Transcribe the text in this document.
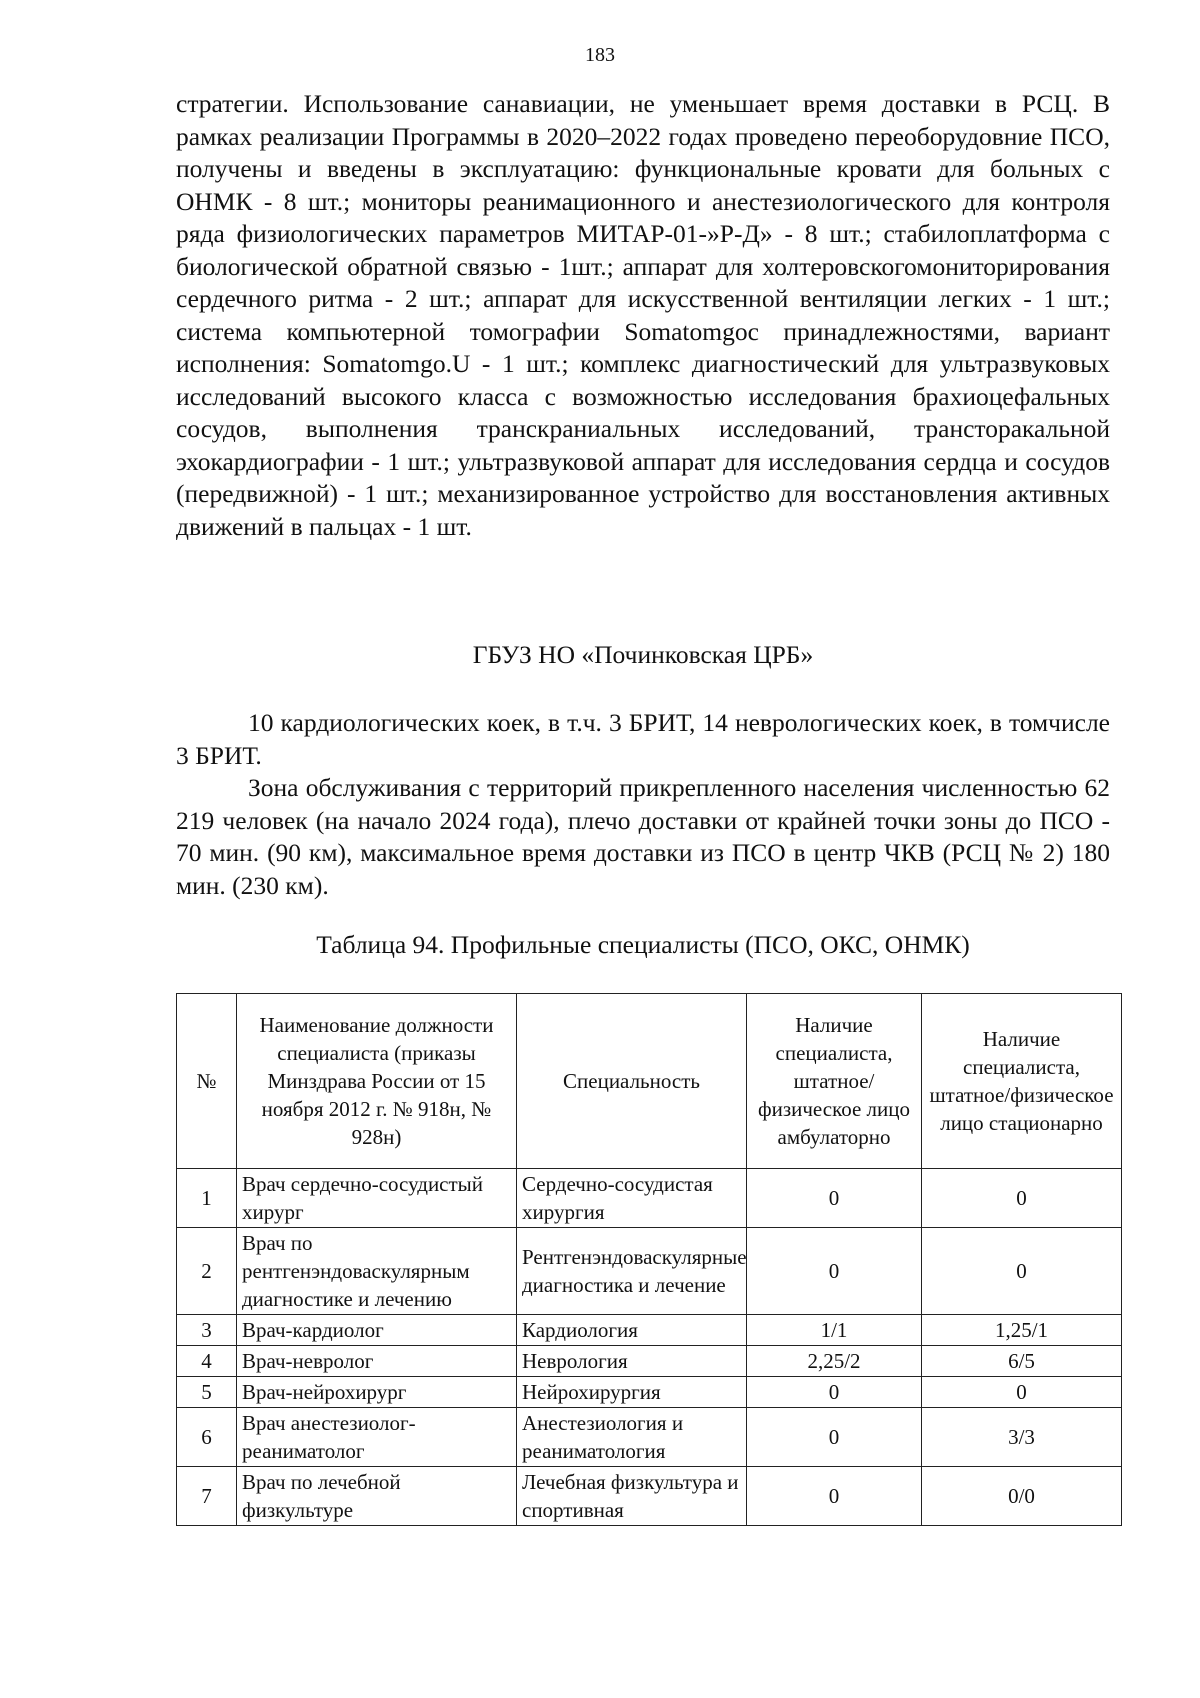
183
стратегии. Использование санавиации, не уменьшает время доставки в РСЦ. В рамках реализации Программы в 2020–2022 годах проведено переоборудовние ПСО, получены и введены в эксплуатацию: функциональные кровати для больных с ОНМК - 8 шт.; мониторы реанимационного и анестезиологического для контроля ряда физиологических параметров МИТАР-01-»Р-Д» - 8 шт.; стабилоплатформа с биологической обратной связью - 1шт.; аппарат для холтеровскогомониторирования сердечного ритма - 2 шт.; аппарат для искусственной вентиляции легких - 1 шт.; система компьютерной томографии Somatomgoc принадлежностями, вариант исполнения: Somatomgo.U - 1 шт.; комплекс диагностический для ультразвуковых исследований высокого класса с возможностью исследования брахиоцефальных сосудов, выполнения транскраниальных исследований, трансторакальной эхокардиографии - 1 шт.; ультразвуковой аппарат для исследования сердца и сосудов (передвижной) - 1 шт.; механизированное устройство для восстановления активных движений в пальцах - 1 шт.
ГБУЗ НО «Починковская ЦРБ»
10 кардиологических коек, в т.ч. 3 БРИТ, 14 неврологических коек, в томчисле 3 БРИТ.
Зона обслуживания с территорий прикрепленного населения численностью 62 219 человек (на начало 2024 года), плечо доставки от крайней точки зоны до ПСО - 70 мин. (90 км), максимальное время доставки из ПСО в центр ЧКВ (РСЦ № 2) 180 мин. (230 км).
Таблица 94. Профильные специалисты (ПСО, ОКС, ОНМК)
№	Наименование должности специалиста (приказы Минздрава России от 15 ноября 2012 г. № 918н, № 928н)	Специальность	Наличие специалиста, штатное/физическое лицо амбулаторно	Наличие специалиста, штатное/физическое лицо стационарно
1	Врач сердечно-сосудистый хирург	Сердечно-сосудистая хирургия	0	0
2	Врач по рентгенэндоваскулярным диагностике и лечению	Рентгенэндоваскулярные диагностика и лечение	0	0
3	Врач-кардиолог	Кардиология	1/1	1,25/1
4	Врач-невролог	Неврология	2,25/2	6/5
5	Врач-нейрохирург	Нейрохирургия	0	0
6	Врач анестезиолог-реаниматолог	Анестезиология и реаниматология	0	3/3
7	Врач по лечебной физкультуре	Лечебная физкультура и спортивная	0	0/0
